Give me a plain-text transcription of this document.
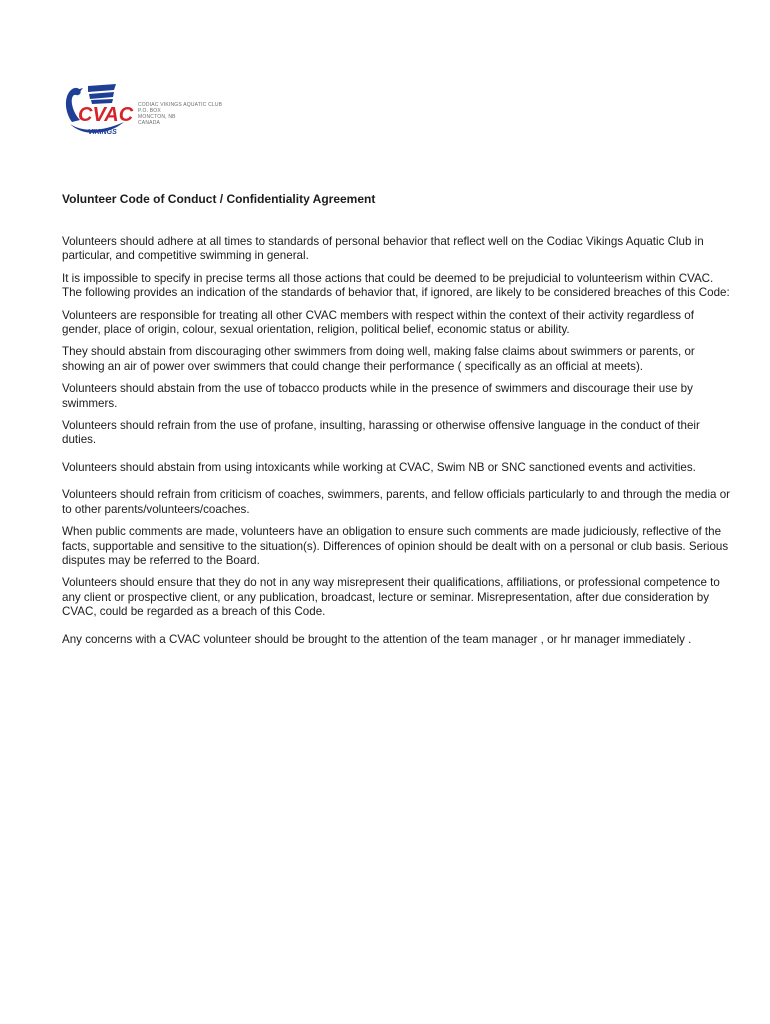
CVAC
VIKINGS
CODIAC VIKINGS AQUATIC CLUB
P.O. BOX
MONCTON, NB
CANADA
Volunteer Code of Conduct / Confidentiality Agreement

Volunteers should adhere at all times to standards of personal behavior that reflect well on the Codiac Vikings Aquatic Club in particular, and competitive swimming in general.

It is impossible to specify in precise terms all those actions that could be deemed to be prejudicial to volunteerism within CVAC. The following provides an indication of the standards of behavior that, if ignored, are likely to be considered breaches of this Code:

Volunteers are responsible for treating all other CVAC members with respect within the context of their activity regardless of gender, place of origin, colour, sexual orientation, religion, political belief, economic status or ability.

They should abstain from discouraging other swimmers from doing well, making false claims about swimmers or parents, or showing an air of power over swimmers that could change their performance ( specifically as an official at meets).

Volunteers should abstain from the use of tobacco products while in the presence of swimmers and discourage their use by swimmers.

Volunteers should refrain from the use of profane, insulting, harassing or otherwise offensive language in the conduct of their duties.

Volunteers should abstain from using intoxicants while working at CVAC, Swim NB or SNC sanctioned events and activities.

Volunteers should refrain from criticism of coaches, swimmers, parents, and fellow officials particularly to and through the media or to other parents/volunteers/coaches.

When public comments are made, volunteers have an obligation to ensure such comments are made judiciously, reflective of the facts, supportable and sensitive to the situation(s). Differences of opinion should be dealt with on a personal or club basis. Serious disputes may be referred to the Board.

Volunteers should ensure that they do not in any way misrepresent their qualifications, affiliations, or professional competence to any client or prospective client, or any publication, broadcast, lecture or seminar. Misrepresentation, after due consideration by CVAC, could be regarded as a breach of this Code.

Any concerns with a CVAC volunteer should be brought to the attention of the team manager , or hr manager immediately .
